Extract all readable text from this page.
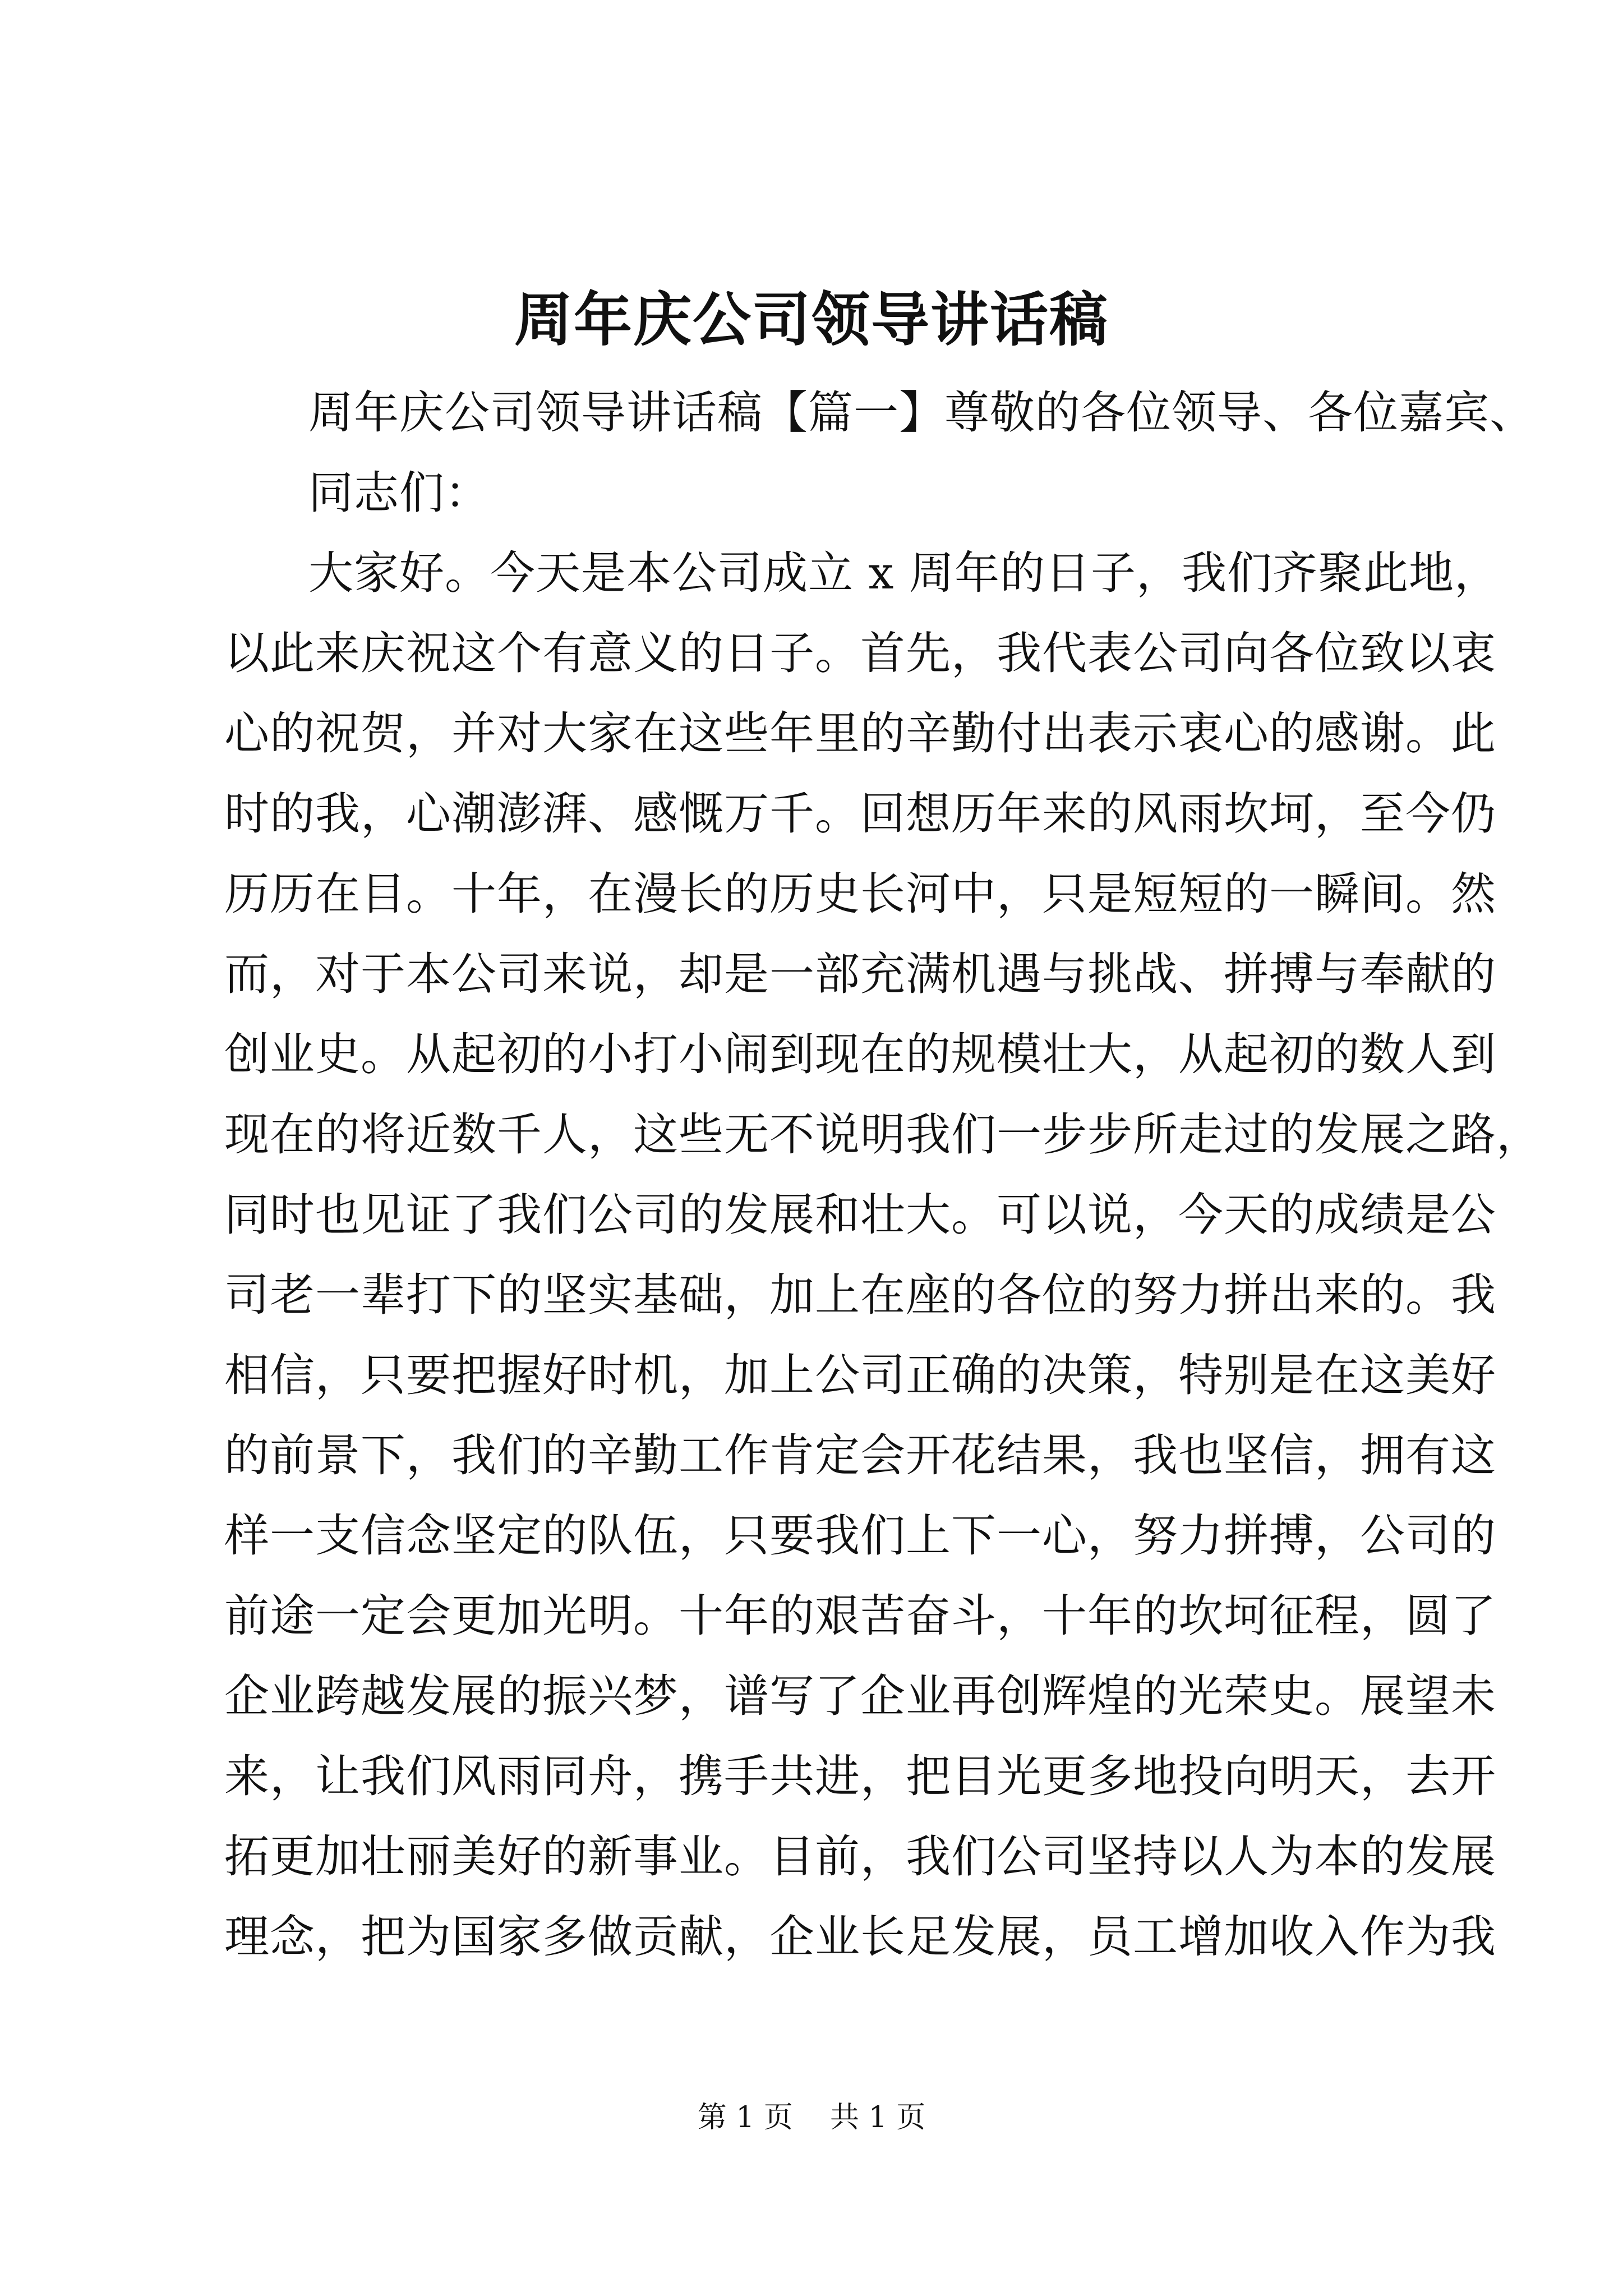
周年庆公司领导讲话稿
周年庆公司领导讲话稿【篇一】尊敬的各位领导、各位嘉宾、
同志们：
大家好。今天是本公司成立 x 周年的日子，我们齐聚此地，
以此来庆祝这个有意义的日子。首先，我代表公司向各位致以衷
心的祝贺，并对大家在这些年里的辛勤付出表示衷心的感谢。此
时的我，心潮澎湃、感慨万千。回想历年来的风雨坎坷，至今仍
历历在目。十年，在漫长的历史长河中，只是短短的一瞬间。然
而，对于本公司来说，却是一部充满机遇与挑战、拼搏与奉献的
创业史。从起初的小打小闹到现在的规模壮大，从起初的数人到
现在的将近数千人，这些无不说明我们一步步所走过的发展之路，
同时也见证了我们公司的发展和壮大。可以说，今天的成绩是公
司老一辈打下的坚实基础，加上在座的各位的努力拼出来的。我
相信，只要把握好时机，加上公司正确的决策，特别是在这美好
的前景下，我们的辛勤工作肯定会开花结果，我也坚信，拥有这
样一支信念坚定的队伍，只要我们上下一心，努力拼搏，公司的
前途一定会更加光明。十年的艰苦奋斗，十年的坎坷征程，圆了
企业跨越发展的振兴梦，谱写了企业再创辉煌的光荣史。展望未
来，让我们风雨同舟，携手共进，把目光更多地投向明天，去开
拓更加壮丽美好的新事业。目前，我们公司坚持以人为本的发展
理念，把为国家多做贡献，企业长足发展，员工增加收入作为我
第 1 页 共 1 页
